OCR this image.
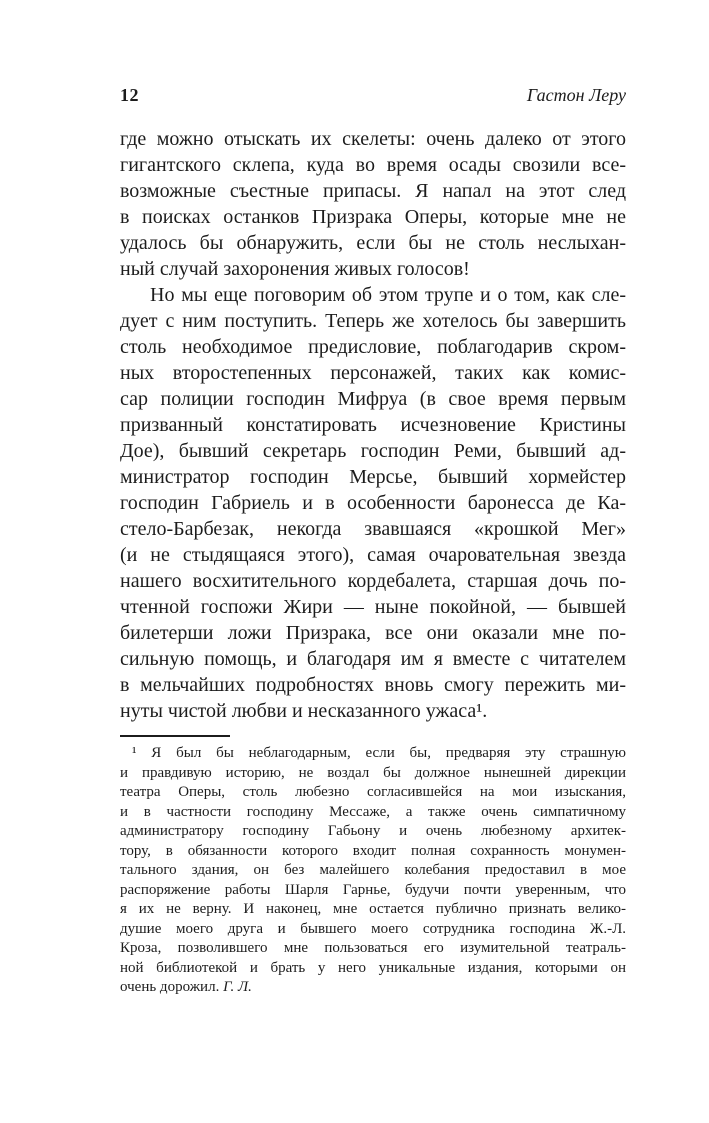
12	Гастон Леру
где можно отыскать их скелеты: очень далеко от этого
гигантского склепа, куда во время осады свозили все-
возможные съестные припасы. Я напал на этот след
в поисках останков Призрака Оперы, которые мне не
удалось бы обнаружить, если бы не столь неслыхан-
ный случай захоронения живых голосов!
Но мы еще поговорим об этом трупе и о том, как сле-
дует с ним поступить. Теперь же хотелось бы завершить
столь необходимое предисловие, поблагодарив скром-
ных второстепенных персонажей, таких как комис-
сар полиции господин Мифруа (в свое время первым
призванный констатировать исчезновение Кристины
Дое), бывший секретарь господин Реми, бывший ад-
министратор господин Мерсье, бывший хормейстер
господин Габриель и в особенности баронесса де Ка-
стело-Барбезак, некогда звавшаяся «крошкой Мег»
(и не стыдящаяся этого), самая очаровательная звезда
нашего восхитительного кордебалета, старшая дочь по-
чтенной госпожи Жири — ныне покойной, — бывшей
билетерши ложи Призрака, все они оказали мне по-
сильную помощь, и благодаря им я вместе с читателем
в мельчайших подробностях вновь смогу пережить ми-
нуты чистой любви и несказанного ужаса¹.
¹ Я был бы неблагодарным, если бы, предваряя эту страшную
и правдивую историю, не воздал бы должное нынешней дирекции
театра Оперы, столь любезно согласившейся на мои изыскания,
и в частности господину Мессаже, а также очень симпатичному
администратору господину Габьону и очень любезному архитек-
тору, в обязанности которого входит полная сохранность монумен-
тального здания, он без малейшего колебания предоставил в мое
распоряжение работы Шарля Гарнье, будучи почти уверенным, что
я их не верну. И наконец, мне остается публично признать велико-
душие моего друга и бывшего моего сотрудника господина Ж.-Л.
Кроза, позволившего мне пользоваться его изумительной театраль-
ной библиотекой и брать у него уникальные издания, которыми он
очень дорожил. Г. Л.
